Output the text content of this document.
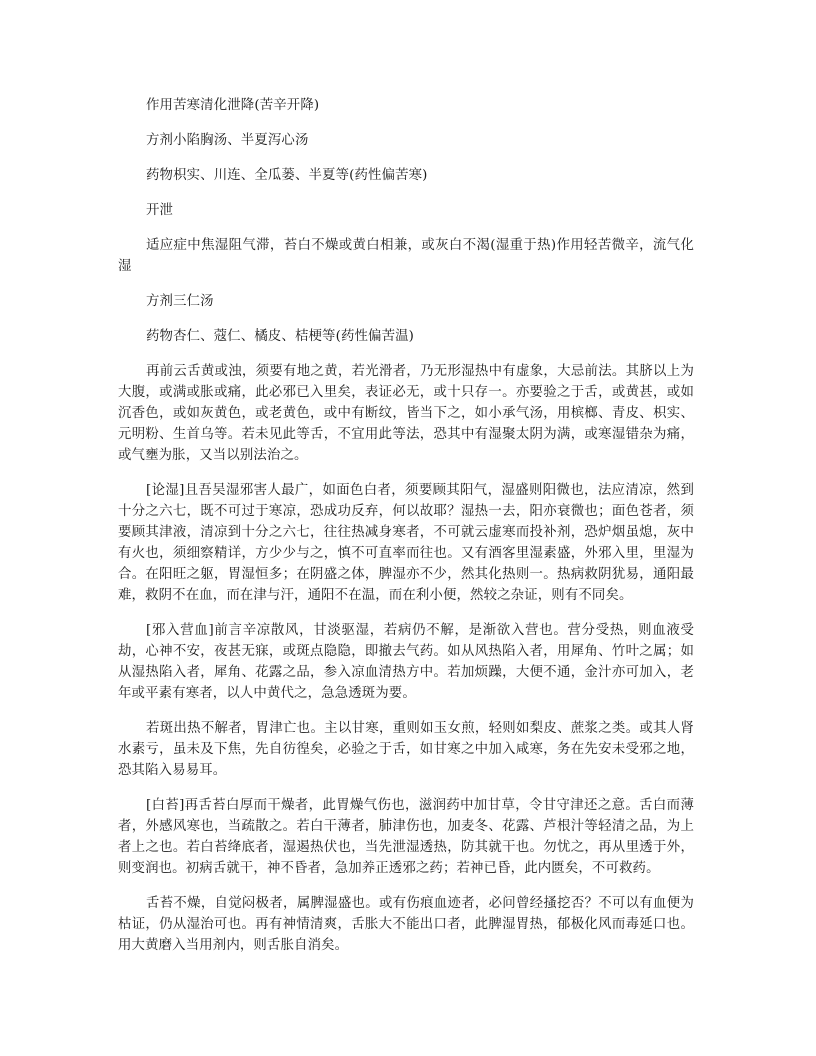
作用苦寒清化泄降(苦辛开降)

方剂小陷胸汤、半夏泻心汤

药物枳实、川连、全瓜蒌、半夏等(药性偏苦寒)

开泄

适应症中焦湿阻气滞，苔白不燥或黄白相兼，或灰白不渴(湿重于热)作用轻苦微辛，流气化湿

方剂三仁汤

药物杏仁、蔻仁、橘皮、桔梗等(药性偏苦温)

再前云舌黄或浊，须要有地之黄，若光滑者，乃无形湿热中有虚象，大忌前法。其脐以上为大腹，或满或胀或痛，此必邪已入里矣，表证必无，或十只存一。亦要验之于舌，或黄甚，或如沉香色，或如灰黄色，或老黄色，或中有断纹，皆当下之，如小承气汤，用槟榔、青皮、枳实、元明粉、生首乌等。若未见此等舌，不宜用此等法，恐其中有湿聚太阴为满，或寒湿错杂为痛，或气壅为胀，又当以别法治之。

[论湿]且吾吴湿邪害人最广，如面色白者，须要顾其阳气，湿盛则阳微也，法应清凉，然到十分之六七，既不可过于寒凉，恐成功反弃，何以故耶？湿热一去，阳亦衰微也；面色苍者，须要顾其津液，清凉到十分之六七，往往热减身寒者，不可就云虚寒而投补剂，恐炉烟虽熄，灰中有火也，须细察精详，方少少与之，慎不可直率而往也。又有酒客里湿素盛，外邪入里，里湿为合。在阳旺之躯，胃湿恒多；在阴盛之体，脾湿亦不少，然其化热则一。热病救阴犹易，通阳最难，救阴不在血，而在津与汗，通阳不在温，而在利小便，然较之杂证，则有不同矣。

[邪入营血]前言辛凉散风，甘淡驱湿，若病仍不解，是渐欲入营也。营分受热，则血液受劫，心神不安，夜甚无寐，或斑点隐隐，即撤去气药。如从风热陷入者，用犀角、竹叶之属；如从湿热陷入者，犀角、花露之品，参入凉血清热方中。若加烦躁，大便不通，金汁亦可加入，老年或平素有寒者，以人中黄代之，急急透斑为要。

若斑出热不解者，胃津亡也。主以甘寒，重则如玉女煎，轻则如梨皮、蔗浆之类。或其人肾水素亏，虽未及下焦，先自彷徨矣，必验之于舌，如甘寒之中加入咸寒，务在先安未受邪之地，恐其陷入易易耳。

[白苔]再舌苔白厚而干燥者，此胃燥气伤也，滋润药中加甘草，令甘守津还之意。舌白而薄者，外感风寒也，当疏散之。若白干薄者，肺津伤也，加麦冬、花露、芦根汁等轻清之品，为上者上之也。若白苔绛底者，湿遏热伏也，当先泄湿透热，防其就干也。勿忧之，再从里透于外，则变润也。初病舌就干，神不昏者，急加养正透邪之药；若神已昏，此内匮矣，不可救药。

舌苔不燥，自觉闷极者，属脾湿盛也。或有伤痕血迹者，必问曾经搔挖否？不可以有血便为枯证，仍从湿治可也。再有神情清爽，舌胀大不能出口者，此脾湿胃热，郁极化风而毒延口也。用大黄磨入当用剂内，则舌胀自消矣。
